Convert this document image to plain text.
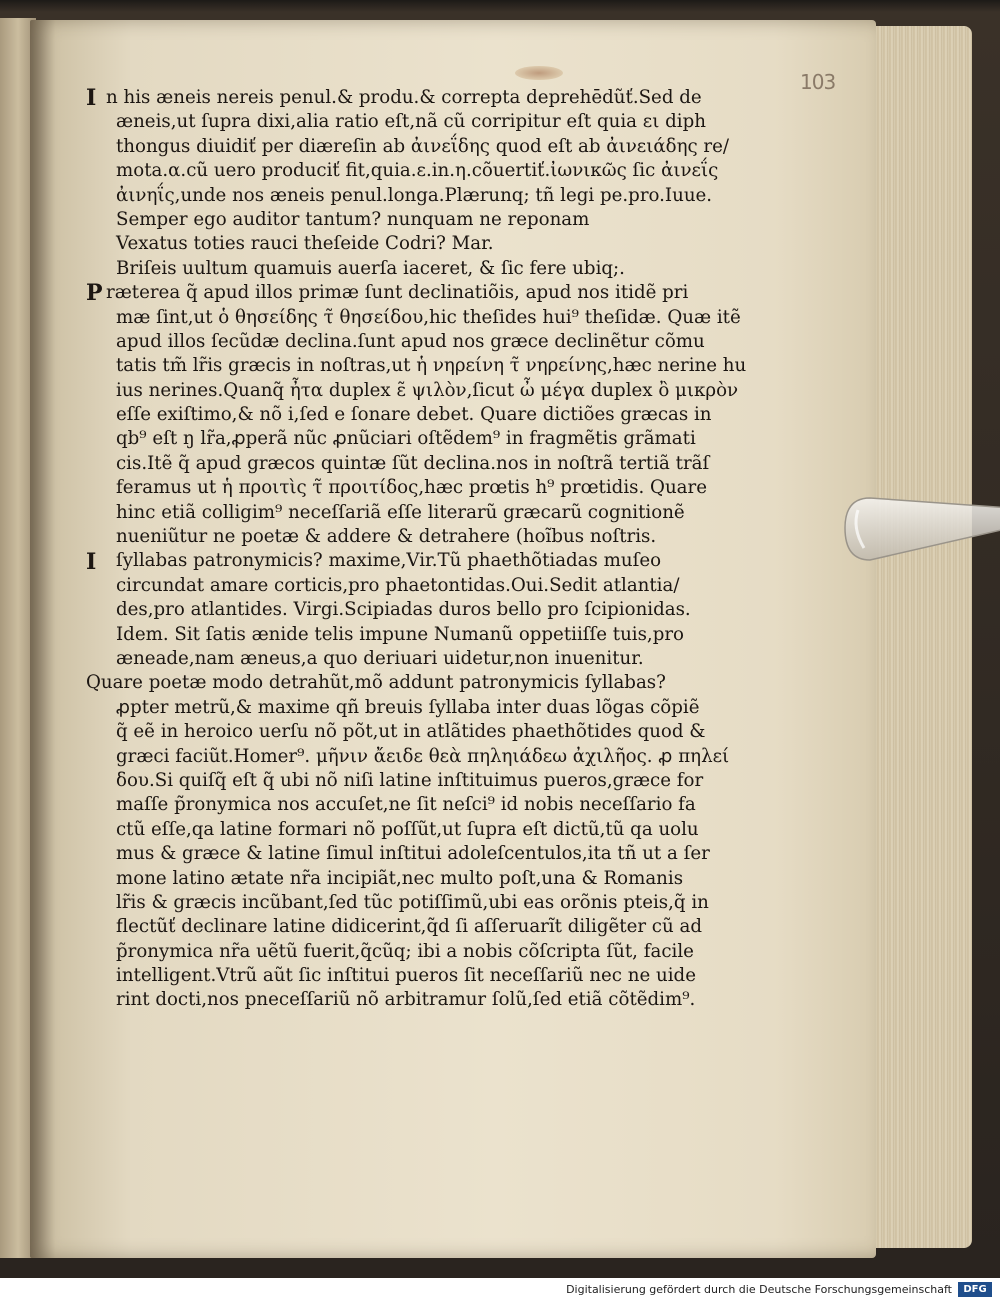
103
I
P
I
n his æneis nereis penul.& produ.& correpta deprehēdũť.Sed de
æneis,ut ſupra dixi,alia ratio eſt,nã cũ corripitur eſt quia ει diph
thongus diuidiť per diæreſin ab ἀινεΐδης quod eſt ab ἀινειάδης re/
mota.α.cũ uero produciť fit,quia.ε.in.η.cõuertiť.ἰωνικῶς ſic ἀινεΐς
ἀινηΐς,unde nos æneis penul.longa.Plærunq; tñ legi pe.pro.Iuue.
Semper ego auditor tantum? nunquam ne reponam
Vexatus toties rauci theſeide Codri? Mar.
Briſeis uultum quamuis auerſa iaceret, & ſic fere ubiq;.
ræterea q̃ apud illos primæ ſunt declinatiõis, apud nos itidẽ pri
mæ ſint,ut ὁ θησείδης τ̃ θησείδου,hic theſides hui⁹ theſidæ. Quæ itẽ
apud illos ſecũdæ declina.ſunt apud nos græce declinẽtur cõmu
tatis tm̃ lr̃is græcis in noſtras,ut ἡ νηρείνη τ̃ νηρείνης,hæc nerine hu
ius nerines.Quanq̃ ἦτα duplex ε̃ ψιλὸν,ſicut ὦ μέγα duplex ὂ μικρὸν
eſſe exiſtimo,& nõ i,ſed e ſonare debet. Quare dictiões græcas in
qb⁹ eſt ŋ lr̃a,ꝓperã nũc ꝓnũciari oſtẽdem⁹ in fragmẽtis grãmati
cis.Itẽ q̃ apud græcos quintæ ſũt declina.nos in noſtrã tertiã trãſ
feramus ut ἡ προιτὶς τ̃ προιτίδος,hæc prœtis h⁹ prœtidis. Quare
hinc etiã colligim⁹ neceſſariã eſſe literarũ græcarũ cognitionẽ
nueniũtur ne poetæ & addere & detrahere (hoĩbus noſtris.
ſyllabas patronymicis? maxime,Vir.Tũ phaethõtiadas muſeo
circundat amare corticis,pro phaetontidas.Oui.Sedit atlantia/
des,pro atlantides. Virgi.Scipiadas duros bello pro ſcipionidas.
Idem. Sit ſatis ænide telis impune Numanũ oppetiiſſe tuis,pro
æneade,nam æneus,a quo deriuari uidetur,non inuenitur.
Quare poetæ modo detrahũt,mõ addunt patronymicis ſyllabas?
ꝓpter metrũ,& maxime qñ breuis ſyllaba inter duas lõgas cõpiẽ
q̃ eẽ in heroico uerſu nõ põt,ut in atlãtides phaethõtides quod &
græci faciũt.Homer⁹. μῆνιν ἄειδε θεὰ πηληιάδεω ἀχιλῆος. ꝓ πηλεί
δου.Si quiſq̃ eſt q̃ ubi nõ niſi latine inſtituimus pueros,græce for
maſſe p̃ronymica nos accuſet,ne ſit neſci⁹ id nobis neceſſario fa
ctũ eſſe,qa latine formari nõ poſſũt,ut ſupra eſt dictũ,tũ qa uolu
mus & græce & latine ſimul inſtitui adoleſcentulos,ita tñ ut a ſer
mone latino ætate nr̃a incipiãt,nec multo poſt,una & Romanis
lr̃is & græcis incũbant,ſed tũc potiſſimũ,ubi eas orõnis pteis,q̃ in
flectũť declinare latine didicerint,q̃d ſi aſſeruarĩt diligẽter cũ ad
p̃ronymica nr̃a uẽtũ fuerit,q̃cũq; ibi a nobis cõſcripta ſũt, facile
intelligent.Vtrũ aũt ſic inſtitui pueros ſit neceſſariũ nec ne uide
rint docti,nos pneceſſariũ nõ arbitramur ſolũ,ſed etiã cõtẽdim⁹.
Digitalisierung gefördert durch die Deutsche Forschungsgemeinschaft	DFG
